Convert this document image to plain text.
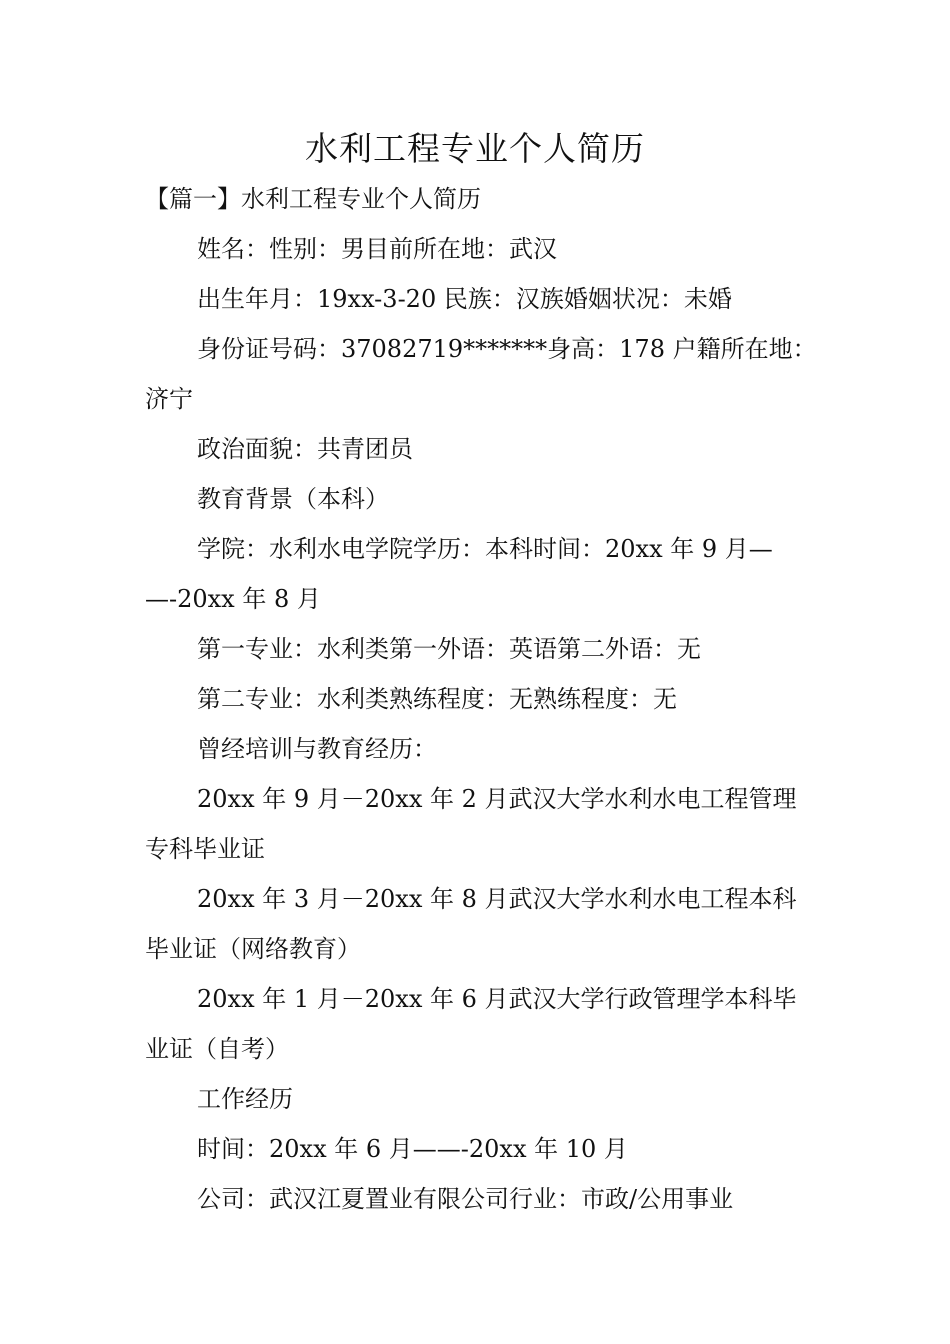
水利工程专业个人简历

【篇一】水利工程专业个人简历

姓名：性别：男目前所在地：武汉

出生年月：19xx-3-20 民族：汉族婚姻状况：未婚

身份证号码：37082719*******身高：178 户籍所在地：

济宁

政治面貌：共青团员

教育背景（本科）

学院：水利水电学院学历：本科时间：20xx 年 9 月—

—-20xx 年 8 月

第一专业：水利类第一外语：英语第二外语：无

第二专业：水利类熟练程度：无熟练程度：无

曾经培训与教育经历：

20xx 年 9 月－20xx 年 2 月武汉大学水利水电工程管理

专科毕业证

20xx 年 3 月－20xx 年 8 月武汉大学水利水电工程本科

毕业证（网络教育）

20xx 年 1 月－20xx 年 6 月武汉大学行政管理学本科毕

业证（自考）

工作经历

时间：20xx 年 6 月——-20xx 年 10 月

公司：武汉江夏置业有限公司行业：市政/公用事业
